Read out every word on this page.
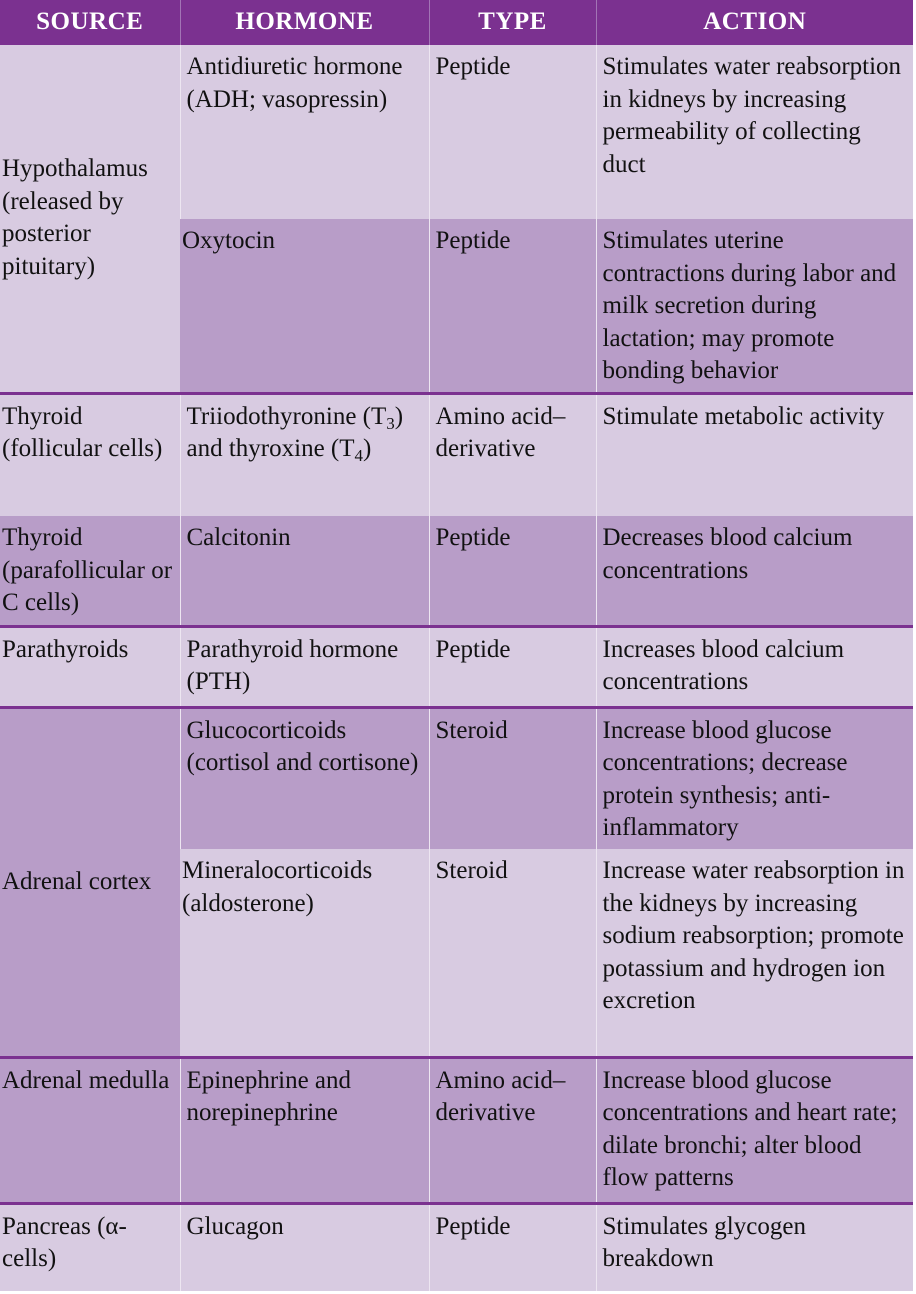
SOURCE	HORMONE	TYPE	ACTION
Hypothalamus (released by posterior pituitary)	Antidiuretic hormone (ADH; vasopressin)	Peptide	Stimulates water reabsorption in kidneys by increasing permeability of collecting duct
	Oxytocin	Peptide	Stimulates uterine contractions during labor and milk secretion during lactation; may promote bonding behavior
Thyroid (follicular cells)	Triiodothyronine $(T_3)$ and thyroxine $(T_4)$	Amino acid–derivative	Stimulate metabolic activity
Thyroid (parafollicular or C cells)	Calcitonin	Peptide	Decreases blood calcium concentrations
Parathyroids	Parathyroid hormone (PTH)	Peptide	Increases blood calcium concentrations
Adrenal cortex	Glucocorticoids (cortisol and cortisone)	Steroid	Increase blood glucose concentrations; decrease protein synthesis; anti-inflammatory
	Mineralocorticoids (aldosterone)	Steroid	Increase water reabsorption in the kidneys by increasing sodium reabsorption; promote potassium and hydrogen ion excretion
Adrenal medulla	Epinephrine and norepinephrine	Amino acid–derivative	Increase blood glucose concentrations and heart rate; dilate bronchi; alter blood flow patterns
Pancreas (α-cells)	Glucagon	Peptide	Stimulates glycogen breakdown
